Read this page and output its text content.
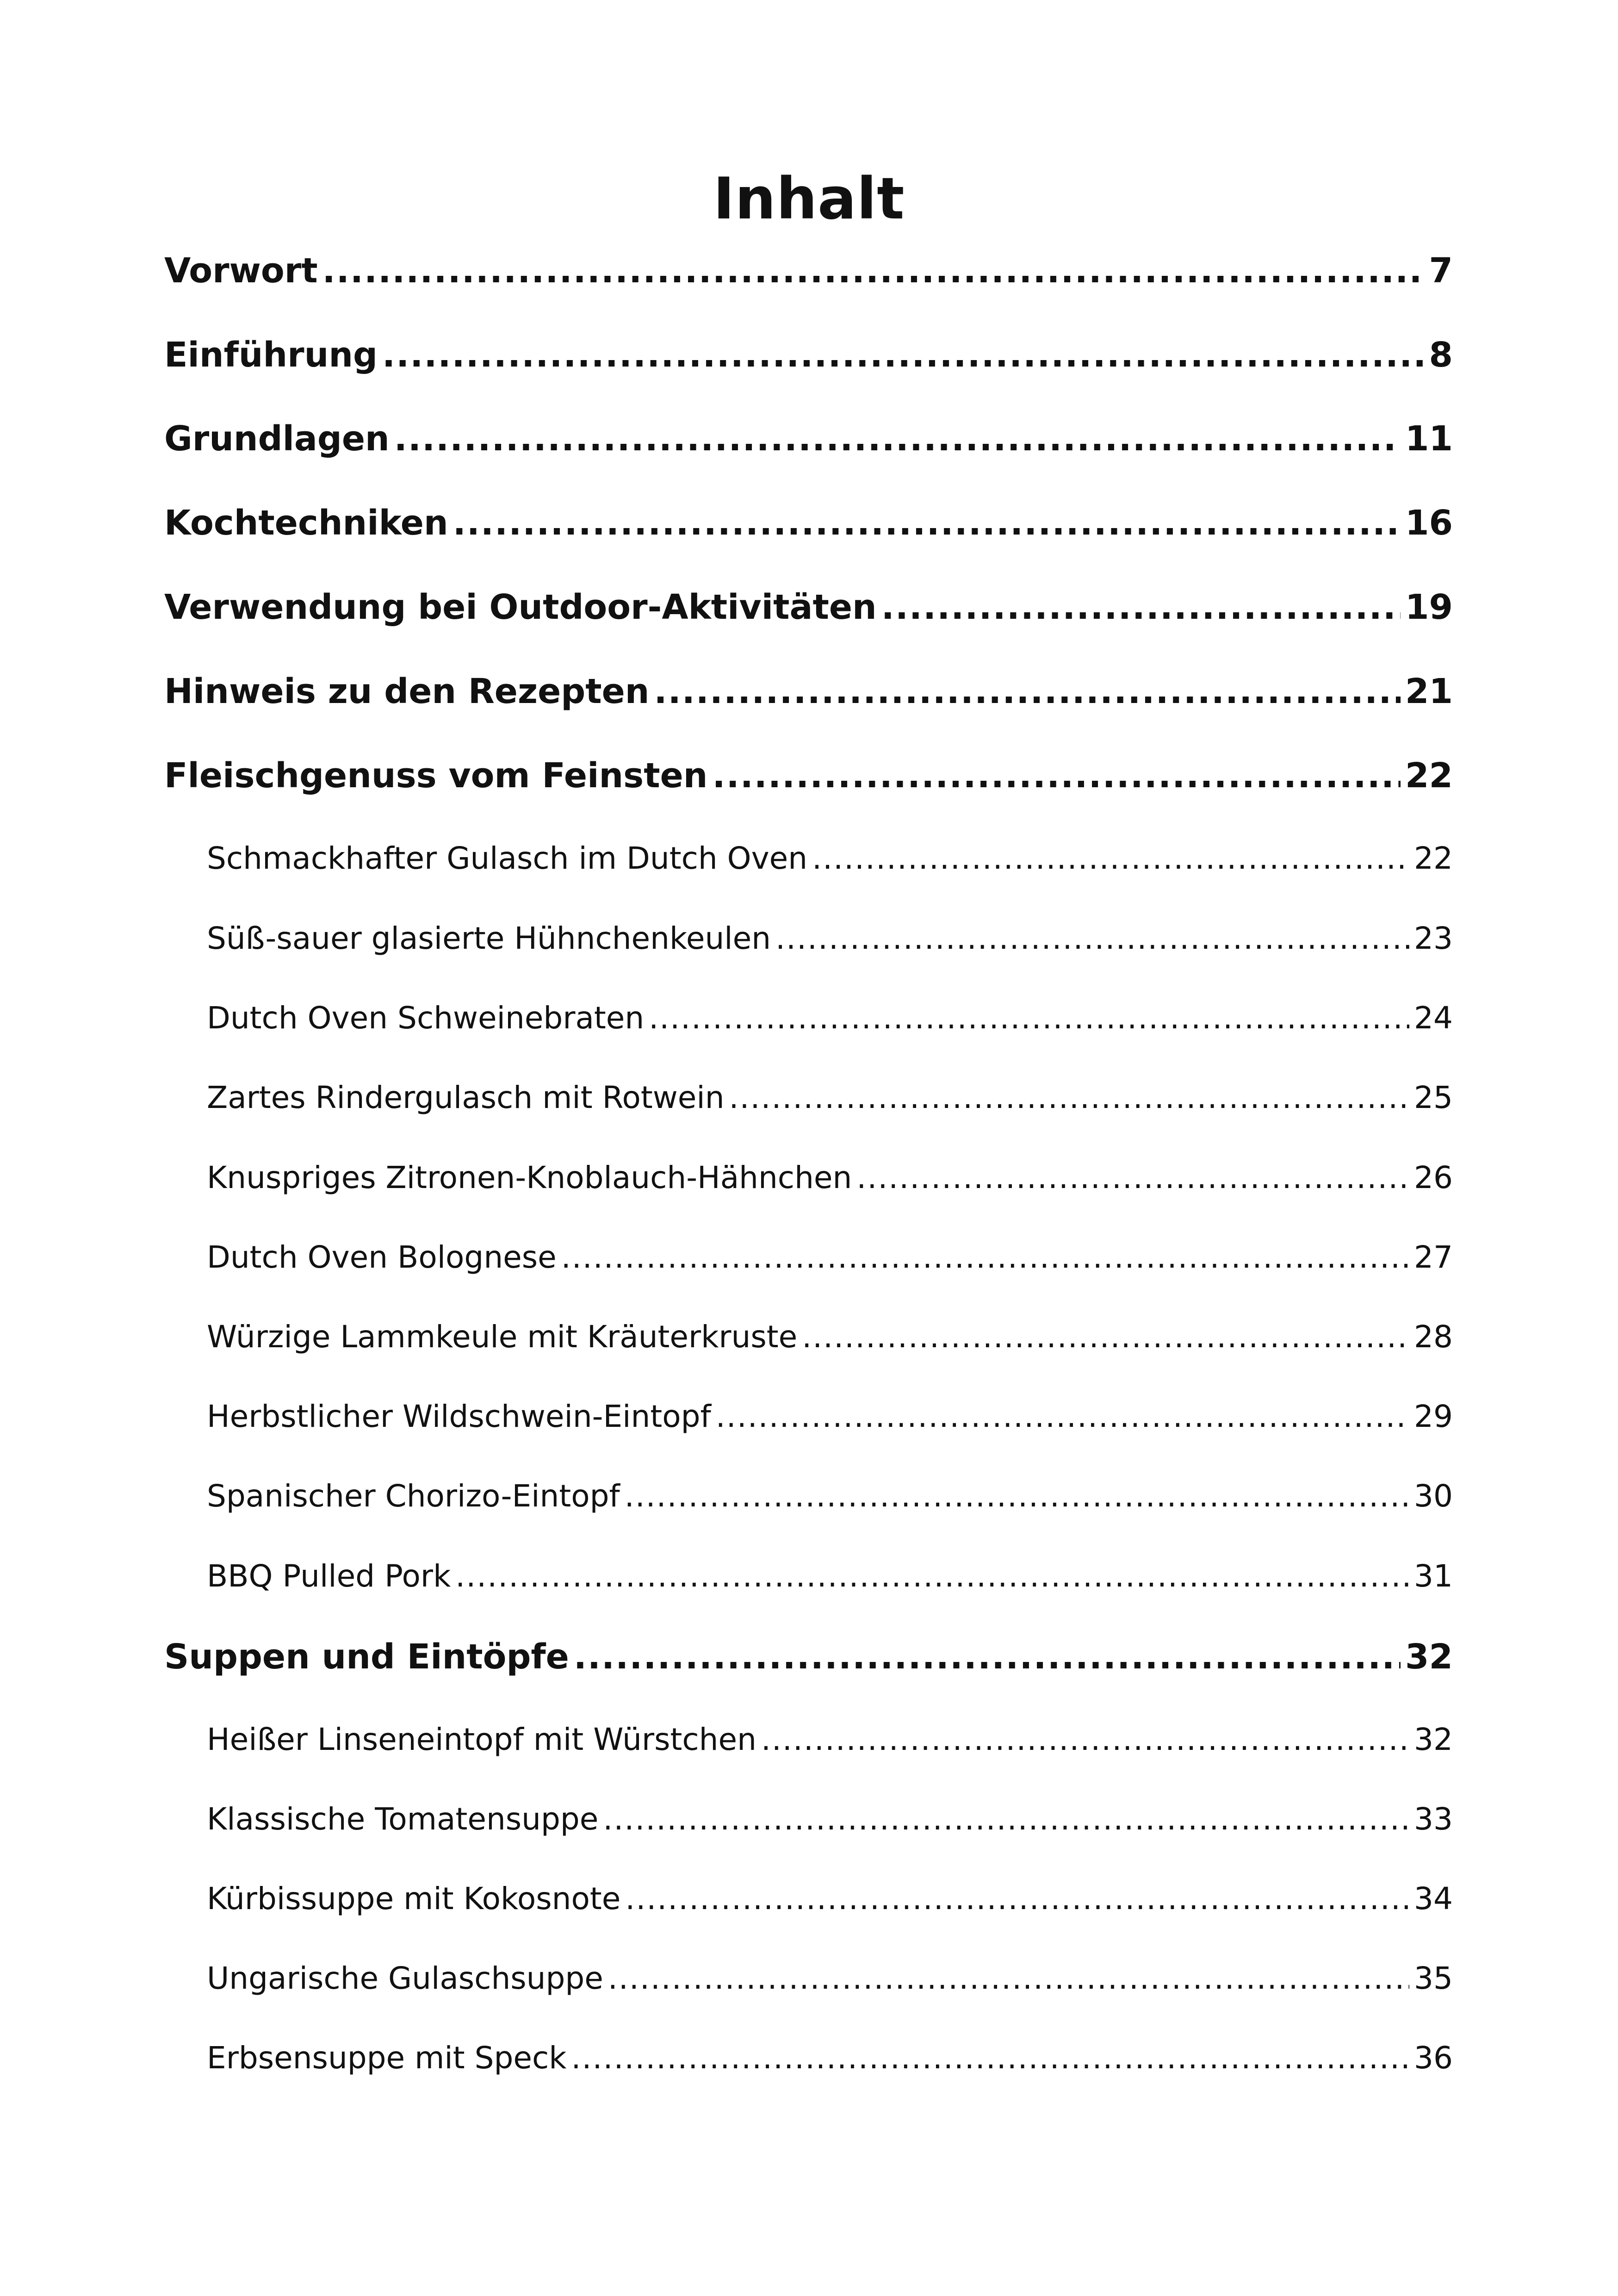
Inhalt
Vorwort .....	7
Einführung .....	8
Grundlagen .....	11
Kochtechniken .....	16
Verwendung bei Outdoor-Aktivitäten .....	19
Hinweis zu den Rezepten .....	21
Fleischgenuss vom Feinsten .....	22
Schmackhafter Gulasch im Dutch Oven .....	22
Süß-sauer glasierte Hühnchenkeulen .....	23
Dutch Oven Schweinebraten .....	24
Zartes Rindergulasch mit Rotwein .....	25
Knuspriges Zitronen-Knoblauch-Hähnchen .....	26
Dutch Oven Bolognese .....	27
Würzige Lammkeule mit Kräuterkruste .....	28
Herbstlicher Wildschwein-Eintopf .....	29
Spanischer Chorizo-Eintopf .....	30
BBQ Pulled Pork .....	31
Suppen und Eintöpfe .....	32
Heißer Linseneintopf mit Würstchen .....	32
Klassische Tomatensuppe .....	33
Kürbissuppe mit Kokosnote .....	34
Ungarische Gulaschsuppe .....	35
Erbsensuppe mit Speck .....	36
